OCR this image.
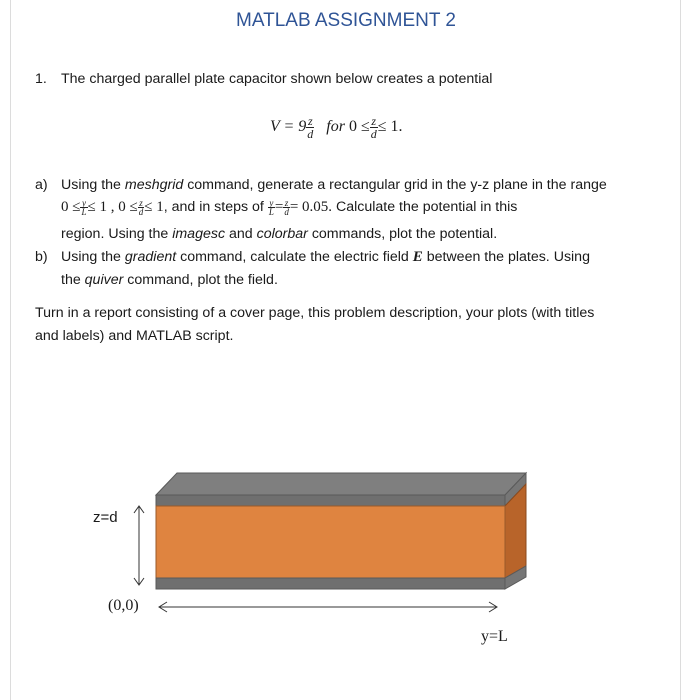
MATLAB ASSIGNMENT 2
1. The charged parallel plate capacitor shown below creates a potential
$V = 9 \frac{z}{d}$ for $0 \le \frac{z}{d} \le 1$.
a) Using the meshgrid command, generate a rectangular grid in the y-z plane in the range
$0 \le \frac{y}{L} \le 1$ , $0 \le \frac{z}{d} \le 1$, and in steps of $\frac{y}{L} = \frac{z}{d} = 0.05$. Calculate the potential in this
region. Using the imagesc and colorbar commands, plot the potential.
b) Using the gradient command, calculate the electric field E between the plates. Using
the quiver command, plot the field.
Turn in a report consisting of a cover page, this problem description, your plots (with titles
and labels) and MATLAB script.
z=d
(0,0)
y=L
